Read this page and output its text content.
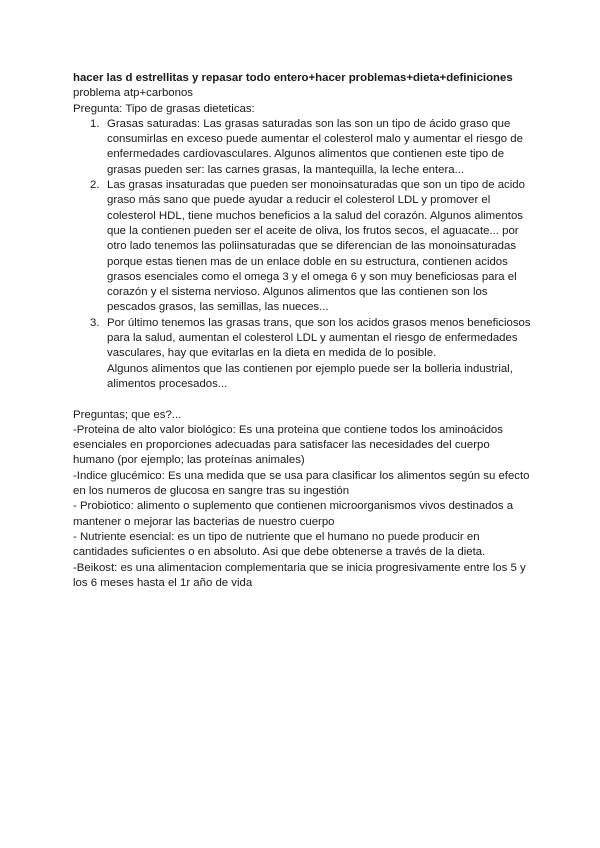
hacer las d estrellitas y repasar todo entero+hacer problemas+dieta+definiciones

problema atp+carbonos

Pregunta: Tipo de grasas dieteticas:

1. Grasas saturadas: Las grasas saturadas son las son un tipo de ácido graso que consumirlas en exceso puede aumentar el colesterol malo y aumentar el riesgo de enfermedades cardiovasculares. Algunos alimentos que contienen este tipo de grasas pueden ser: las carnes grasas, la mantequilla, la leche entera...
2. Las grasas insaturadas que pueden ser monoinsaturadas que son un tipo de acido graso más sano que puede ayudar a reducir el colesterol LDL y promover el colesterol HDL, tiene muchos beneficios a la salud del corazón. Algunos alimentos que la contienen pueden ser el aceite de oliva, los frutos secos, el aguacate... por otro lado tenemos las poliinsaturadas que se diferencian de las monoinsaturadas porque estas tienen mas de un enlace doble en su estructura, contienen acidos grasos esenciales como el omega 3 y el omega 6 y son muy beneficiosas para el corazón y el sistema nervioso. Algunos alimentos que las contienen son los pescados grasos, las semillas, las nueces...
3. Por último tenemos las grasas trans, que son los acidos grasos menos beneficiosos para la salud, aumentan el colesterol LDL y aumentan el riesgo de enfermedades vasculares, hay que evitarlas en la dieta en medida de lo posible.
Algunos alimentos que las contienen por ejemplo puede ser la bolleria industrial, alimentos procesados...

Preguntas; que es?...

-Proteina de alto valor biológico: Es una proteina que contiene todos los aminoácidos esenciales en proporciones adecuadas para satisfacer las necesidades del cuerpo humano (por ejemplo; las proteínas animales)

-Indice glucémico: Es una medida que se usa para clasificar los alimentos según su efecto en los numeros de glucosa en sangre tras su ingestión

- Probiotico: alimento o suplemento que contienen microorganismos vivos destinados a mantener o mejorar las bacterias de nuestro cuerpo

- Nutriente esencial: es un tipo de nutriente que el humano no puede producir en cantidades suficientes o en absoluto. Asi que debe obtenerse a través de la dieta.

-Beikost: es una alimentacion complementaria que se inicia progresivamente entre los 5 y los 6 meses hasta el 1r año de vida
